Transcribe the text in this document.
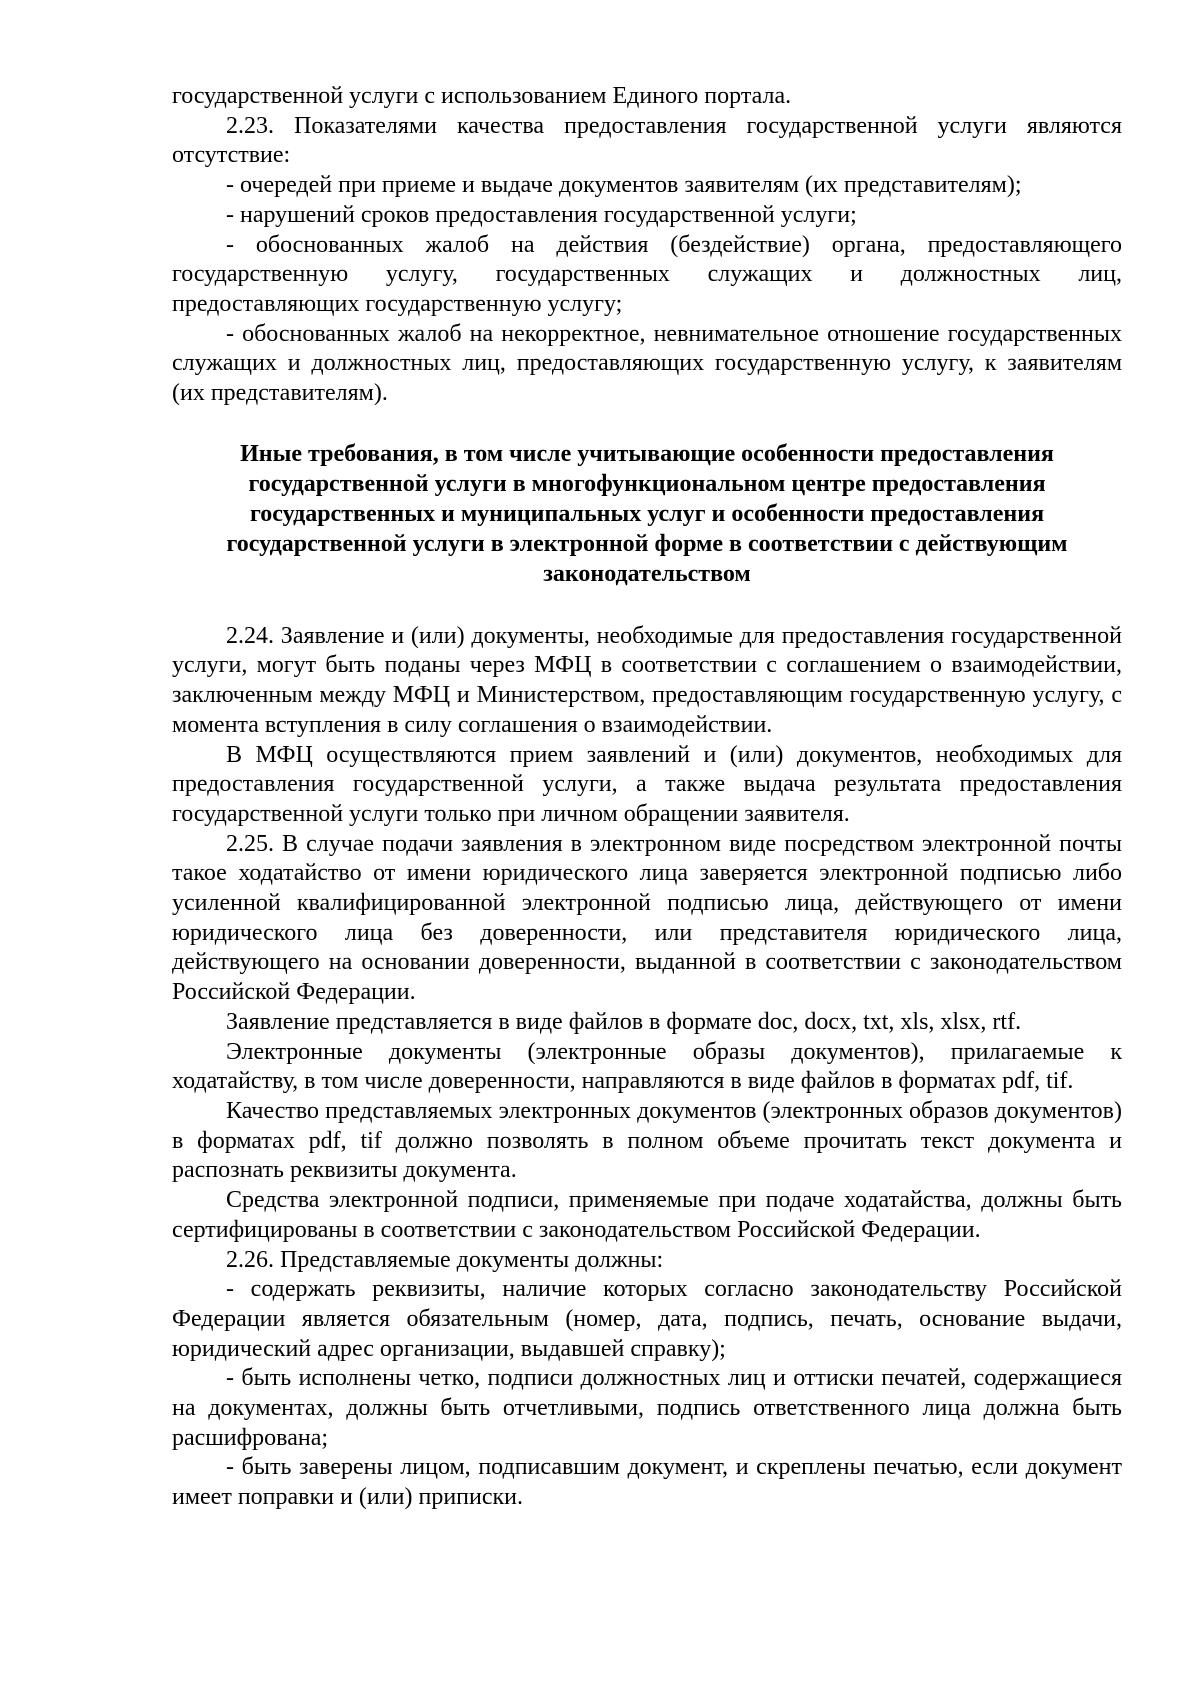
государственной услуги с использованием Единого портала.

2.23. Показателями качества предоставления государственной услуги являются отсутствие:

- очередей при приеме и выдаче документов заявителям (их представителям);

- нарушений сроков предоставления государственной услуги;

- обоснованных жалоб на действия (бездействие) органа, предоставляющего государственную услугу, государственных служащих и должностных лиц, предоставляющих государственную услугу;

- обоснованных жалоб на некорректное, невнимательное отношение государственных служащих и должностных лиц, предоставляющих государственную услугу, к заявителям (их представителям).

Иные требования, в том числе учитывающие особенности предоставления государственной услуги в многофункциональном центре предоставления государственных и муниципальных услуг и особенности предоставления государственной услуги в электронной форме в соответствии с действующим законодательством

2.24. Заявление и (или) документы, необходимые для предоставления государственной услуги, могут быть поданы через МФЦ в соответствии с соглашением о взаимодействии, заключенным между МФЦ и Министерством, предоставляющим государственную услугу, с момента вступления в силу соглашения о взаимодействии.

В МФЦ осуществляются прием заявлений и (или) документов, необходимых для предоставления государственной услуги, а также выдача результата предоставления государственной услуги только при личном обращении заявителя.

2.25. В случае подачи заявления в электронном виде посредством электронной почты такое ходатайство от имени юридического лица заверяется электронной подписью либо усиленной квалифицированной электронной подписью лица, действующего от имени юридического лица без доверенности, или представителя юридического лица, действующего на основании доверенности, выданной в соответствии с законодательством Российской Федерации.

Заявление представляется в виде файлов в формате doc, docx, txt, xls, xlsx, rtf.

Электронные документы (электронные образы документов), прилагаемые к ходатайству, в том числе доверенности, направляются в виде файлов в форматах pdf, tif.

Качество представляемых электронных документов (электронных образов документов) в форматах pdf, tif должно позволять в полном объеме прочитать текст документа и распознать реквизиты документа.

Средства электронной подписи, применяемые при подаче ходатайства, должны быть сертифицированы в соответствии с законодательством Российской Федерации.

2.26. Представляемые документы должны:

- содержать реквизиты, наличие которых согласно законодательству Российской Федерации является обязательным (номер, дата, подпись, печать, основание выдачи, юридический адрес организации, выдавшей справку);

- быть исполнены четко, подписи должностных лиц и оттиски печатей, содержащиеся на документах, должны быть отчетливыми, подпись ответственного лица должна быть расшифрована;

- быть заверены лицом, подписавшим документ, и скреплены печатью, если документ имеет поправки и (или) приписки.
